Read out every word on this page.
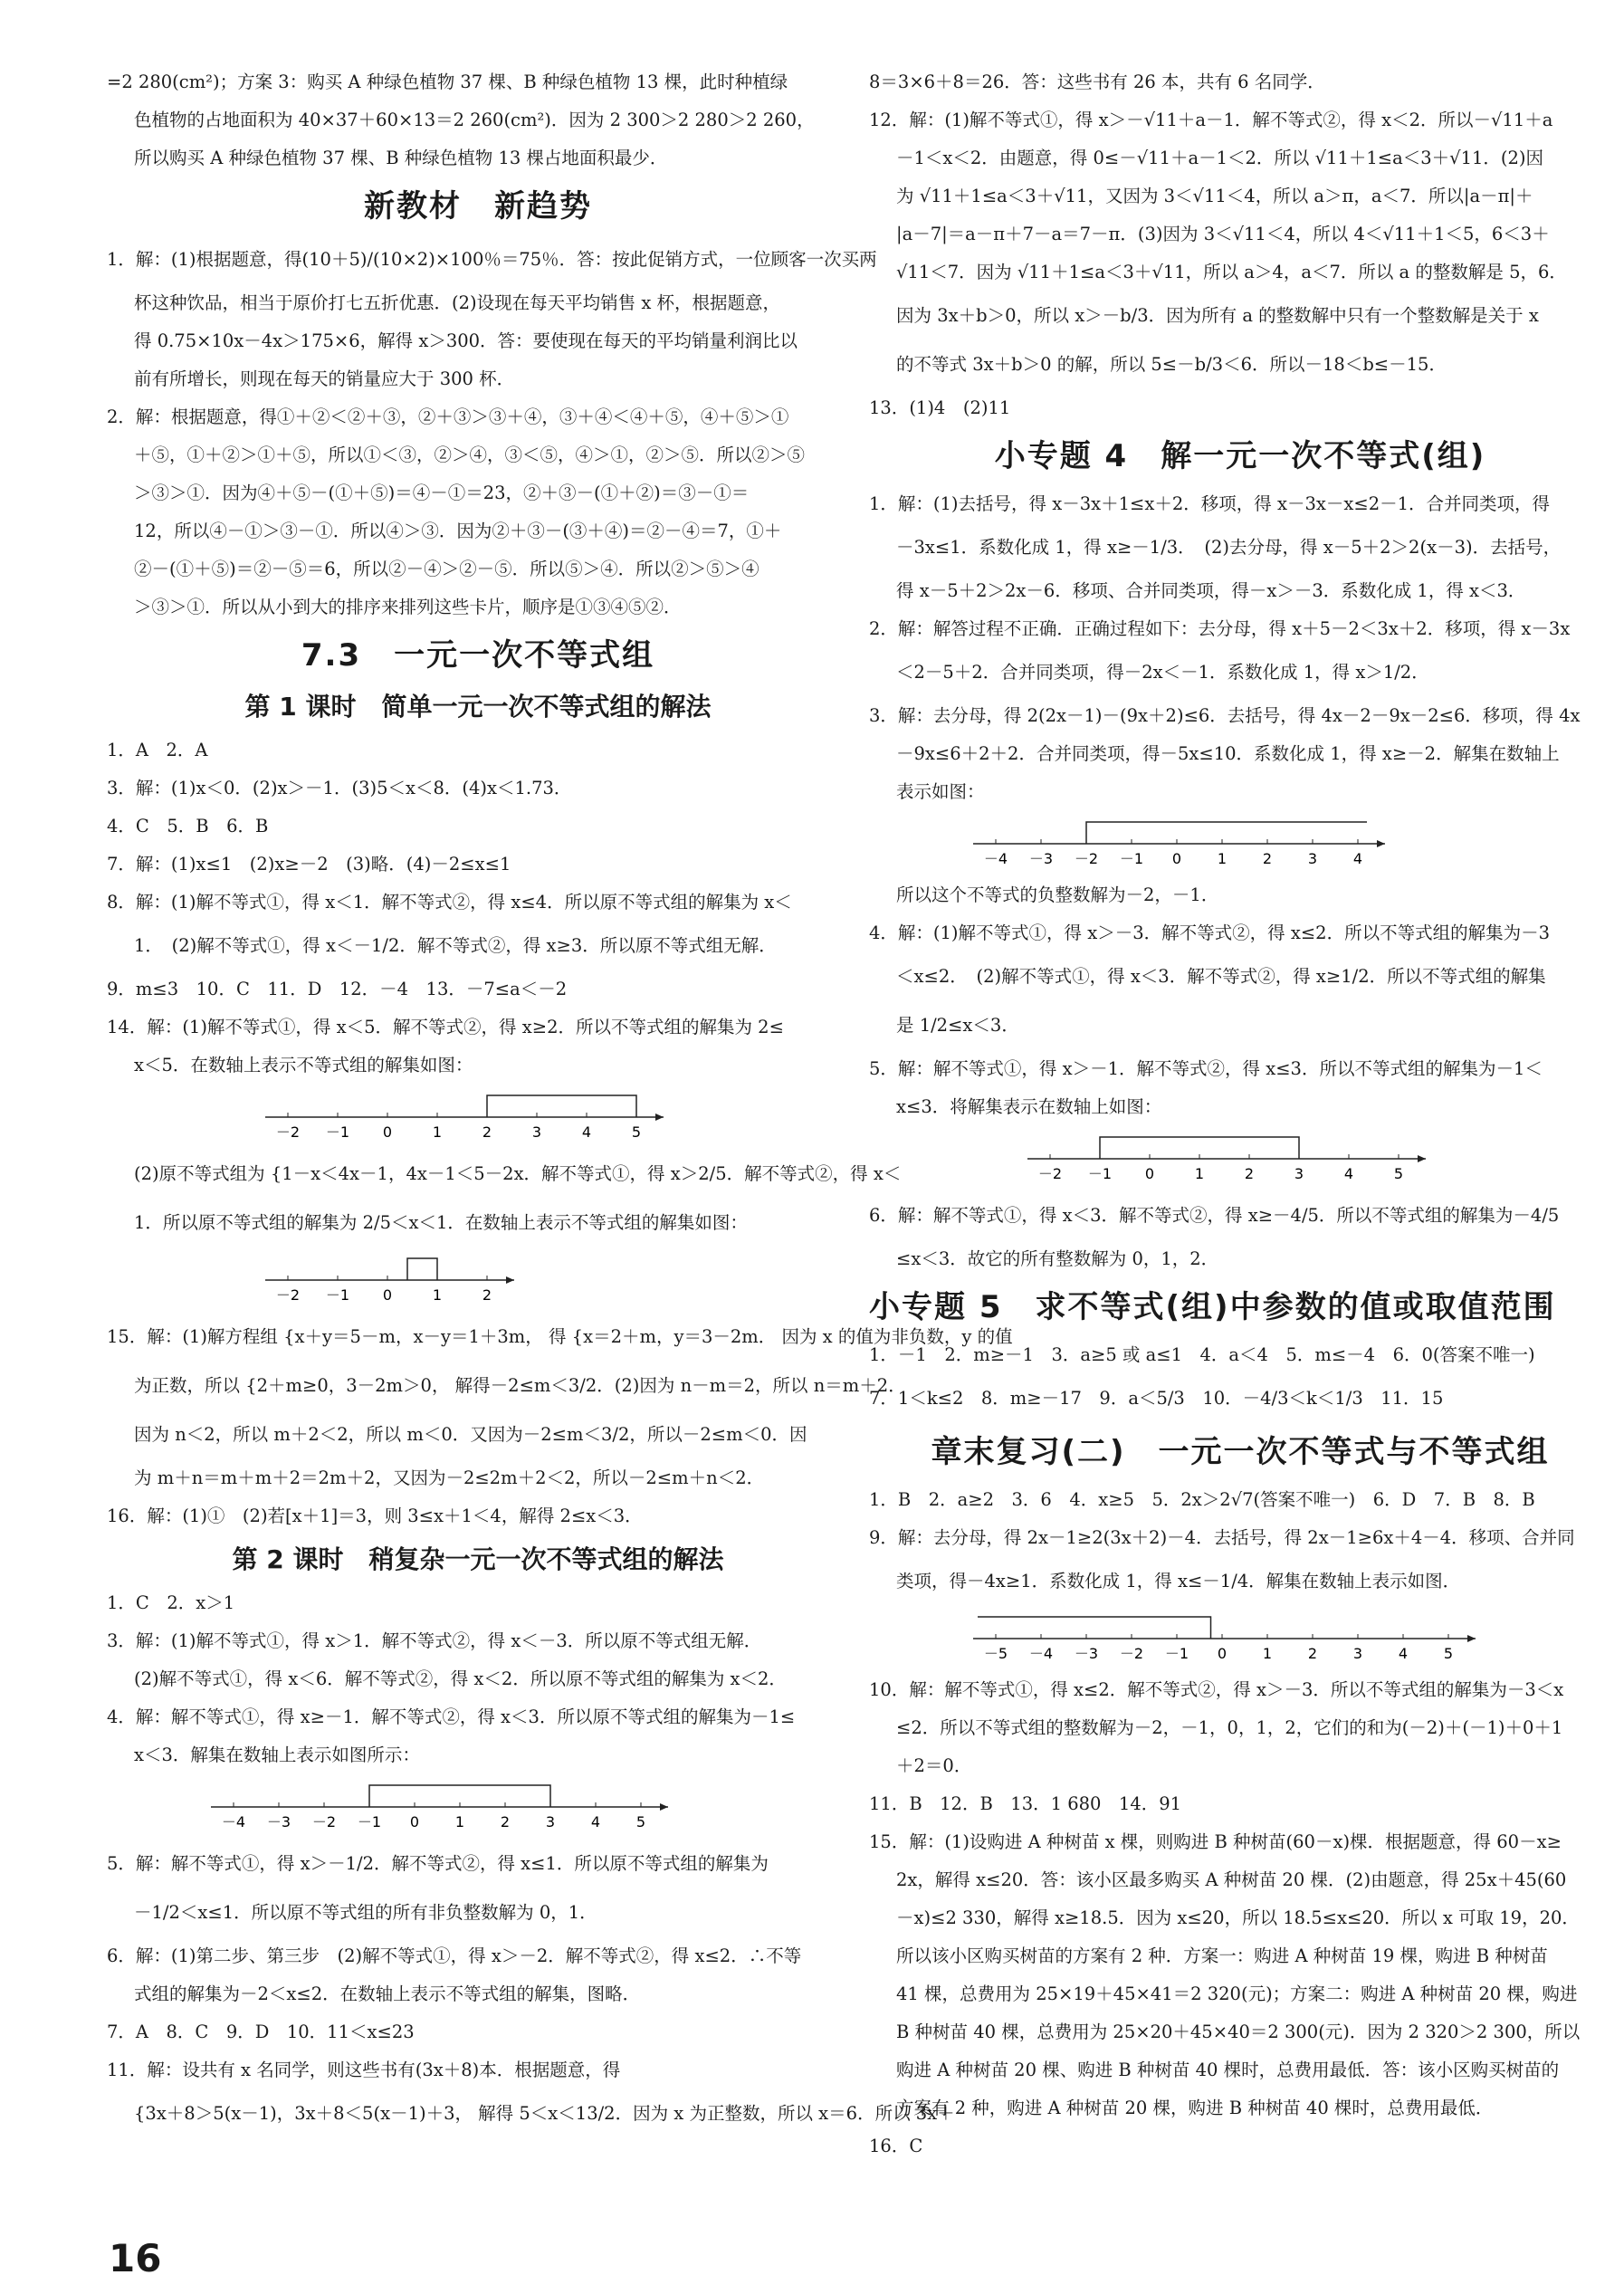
=2 280(cm²)；方案 3：购买 A 种绿色植物 37 棵、B 种绿色植物 13 棵，此时种植绿
色植物的占地面积为 40×37＋60×13＝2 260(cm²)．因为 2 300＞2 280＞2 260，
所以购买 A 种绿色植物 37 棵、B 种绿色植物 13 棵占地面积最少．
新教材　新趋势
1．解：(1)根据题意，得(10＋5)/(10×2)×100％＝75％．答：按此促销方式，一位顾客一次买两
杯这种饮品，相当于原价打七五折优惠．(2)设现在每天平均销售 x 杯，根据题意，
得 0.75×10x－4x＞175×6，解得 x＞300．答：要使现在每天的平均销量利润比以
前有所增长，则现在每天的销量应大于 300 杯．
2．解：根据题意，得①＋②＜②＋③，②＋③＞③＋④，③＋④＜④＋⑤，④＋⑤＞①
＋⑤，①＋②＞①＋⑤，所以①＜③，②＞④，③＜⑤，④＞①，②＞⑤．所以②＞⑤
＞③＞①．因为④＋⑤－(①＋⑤)＝④－①＝23，②＋③－(①＋②)＝③－①＝
12，所以④－①＞③－①．所以④＞③．因为②＋③－(③＋④)＝②－④＝7，①＋
②－(①＋⑤)＝②－⑤＝6，所以②－④＞②－⑤．所以⑤＞④．所以②＞⑤＞④
＞③＞①．所以从小到大的排序来排列这些卡片，顺序是①③④⑤②．
7.3　一元一次不等式组
第 1 课时　简单一元一次不等式组的解法
1．A　2．A
3．解：(1)x＜0．(2)x＞－1．(3)5＜x＜8．(4)x＜1.73．
4．C　5．B　6．B
7．解：(1)x≤1　(2)x≥－2　(3)略．(4)－2≤x≤1
8．解：(1)解不等式①，得 x＜1．解不等式②，得 x≤4．所以原不等式组的解集为 x＜
1．　(2)解不等式①，得 x＜－1/2．解不等式②，得 x≥3．所以原不等式组无解．
9．m≤3　10．C　11．D　12．－4　13．－7≤a＜－2
14．解：(1)解不等式①，得 x＜5．解不等式②，得 x≥2．所以不等式组的解集为 2≤
x＜5．在数轴上表示不等式组的解集如图：
－2 －1 0	1	2	3	4	5
(2)原不等式组为 {1－x＜4x－1，4x－1＜5－2x．解不等式①，得 x＞2/5．解不等式②，得 x＜
1．所以原不等式组的解集为 2/5＜x＜1．在数轴上表示不等式组的解集如图：
－2 －1 0	1	2
15．解：(1)解方程组 {x＋y＝5－m，x－y＝1＋3m， 得 {x＝2＋m，y＝3－2m． 因为 x 的值为非负数，y 的值
为正数，所以 {2＋m≥0，3－2m＞0， 解得－2≤m＜3/2．(2)因为 n－m＝2，所以 n＝m＋2．
因为 n＜2，所以 m＋2＜2，所以 m＜0．又因为－2≤m＜3/2，所以－2≤m＜0．因
为 m＋n＝m＋m＋2＝2m＋2，又因为－2≤2m＋2＜2，所以－2≤m＋n＜2．
16．解：(1)①　(2)若[x＋1]＝3，则 3≤x＋1＜4，解得 2≤x＜3．
第 2 课时　稍复杂一元一次不等式组的解法
1．C　2．x＞1
3．解：(1)解不等式①，得 x＞1．解不等式②，得 x＜－3．所以原不等式组无解．
(2)解不等式①，得 x＜6．解不等式②，得 x＜2．所以原不等式组的解集为 x＜2．
4．解：解不等式①，得 x≥－1．解不等式②，得 x＜3．所以原不等式组的解集为－1≤
x＜3．解集在数轴上表示如图所示：
－4 －3 －2 －1 0 1 2 3 4 5
5．解：解不等式①，得 x＞－1/2．解不等式②，得 x≤1．所以原不等式组的解集为
－1/2＜x≤1．所以原不等式组的所有非负整数解为 0，1．
6．解：(1)第二步、第三步　(2)解不等式①，得 x＞－2．解不等式②，得 x≤2．∴不等
式组的解集为－2＜x≤2．在数轴上表示不等式组的解集，图略．
7．A　8．C　9．D　10．11＜x≤23
11．解：设共有 x 名同学，则这些书有(3x＋8)本．根据题意，得
{3x＋8＞5(x－1)，3x＋8＜5(x－1)＋3， 解得 5＜x＜13/2．因为 x 为正整数，所以 x＝6．所以 3x＋
8＝3×6＋8＝26．答：这些书有 26 本，共有 6 名同学．
12．解：(1)解不等式①，得 x＞－√11＋a－1．解不等式②，得 x＜2．所以－√11＋a
－1＜x＜2．由题意，得 0≤－√11＋a－1＜2．所以 √11＋1≤a＜3＋√11．(2)因
为 √11＋1≤a＜3＋√11，又因为 3＜√11＜4，所以 a＞π，a＜7．所以|a－π|＋
|a－7|＝a－π＋7－a＝7－π．(3)因为 3＜√11＜4，所以 4＜√11＋1＜5，6＜3＋
√11＜7．因为 √11＋1≤a＜3＋√11，所以 a＞4，a＜7．所以 a 的整数解是 5，6．
因为 3x＋b＞0，所以 x＞－b/3．因为所有 a 的整数解中只有一个整数解是关于 x
的不等式 3x＋b＞0 的解，所以 5≤－b/3＜6．所以－18＜b≤－15．
13．(1)4　(2)11
小专题 4　解一元一次不等式(组)
1．解：(1)去括号，得 x－3x＋1≤x＋2．移项，得 x－3x－x≤2－1．合并同类项，得
－3x≤1．系数化成 1，得 x≥－1/3．　(2)去分母，得 x－5＋2＞2(x－3)．去括号，
得 x－5＋2＞2x－6．移项、合并同类项，得－x＞－3．系数化成 1，得 x＜3．
2．解：解答过程不正确．正确过程如下：去分母，得 x＋5－2＜3x＋2．移项，得 x－3x
＜2－5＋2．合并同类项，得－2x＜－1．系数化成 1，得 x＞1/2．
3．解：去分母，得 2(2x－1)－(9x＋2)≤6．去括号，得 4x－2－9x－2≤6．移项，得 4x
－9x≤6＋2＋2．合并同类项，得－5x≤10．系数化成 1，得 x≥－2．解集在数轴上
表示如图：
－4 －3 －2 －1 0 1 2 3 4
所以这个不等式的负整数解为－2，－1．
4．解：(1)解不等式①，得 x＞－3．解不等式②，得 x≤2．所以不等式组的解集为－3
＜x≤2．　(2)解不等式①，得 x＜3．解不等式②，得 x≥1/2．所以不等式组的解集
是 1/2≤x＜3．
5．解：解不等式①，得 x＞－1．解不等式②，得 x≤3．所以不等式组的解集为－1＜
x≤3．将解集表示在数轴上如图：
－2 －1 0	1	2	3	4	5
6．解：解不等式①，得 x＜3．解不等式②，得 x≥－4/5．所以不等式组的解集为－4/5
≤x＜3．故它的所有整数解为 0，1，2．
小专题 5　求不等式(组)中参数的值或取值范围
1．－1　2．m≥－1　3．a≥5 或 a≤1　4．a＜4　5．m≤－4　6．0(答案不唯一)
7．1＜k≤2　8．m≥－17　9．a＜5/3　10．－4/3＜k＜1/3　11．15
章末复习(二)　一元一次不等式与不等式组
1．B　2．a≥2　3．6　4．x≥5　5．2x＞2√7(答案不唯一)　6．D　7．B　8．B
9．解：去分母，得 2x－1≥2(3x＋2)－4．去括号，得 2x－1≥6x＋4－4．移项、合并同
类项，得－4x≥1．系数化成 1，得 x≤－1/4．解集在数轴上表示如图．
－5 －4 －3 －2 －1 0 1 2 3 4 5
10．解：解不等式①，得 x≤2．解不等式②，得 x＞－3．所以不等式组的解集为－3＜x
≤2．所以不等式组的整数解为－2，－1，0，1，2，它们的和为(－2)＋(－1)＋0＋1
＋2＝0．
11．B　12．B　13．1 680　14．91
15．解：(1)设购进 A 种树苗 x 棵，则购进 B 种树苗(60－x)棵．根据题意，得 60－x≥
2x，解得 x≤20．答：该小区最多购买 A 种树苗 20 棵．(2)由题意，得 25x＋45(60
－x)≤2 330，解得 x≥18.5．因为 x≤20，所以 18.5≤x≤20．所以 x 可取 19，20．
所以该小区购买树苗的方案有 2 种．方案一：购进 A 种树苗 19 棵，购进 B 种树苗
41 棵，总费用为 25×19＋45×41＝2 320(元)；方案二：购进 A 种树苗 20 棵，购进
B 种树苗 40 棵，总费用为 25×20＋45×40＝2 300(元)．因为 2 320＞2 300，所以
购进 A 种树苗 20 棵、购进 B 种树苗 40 棵时，总费用最低．答：该小区购买树苗的
方案有 2 种，购进 A 种树苗 20 棵，购进 B 种树苗 40 棵时，总费用最低．
16．C
16
